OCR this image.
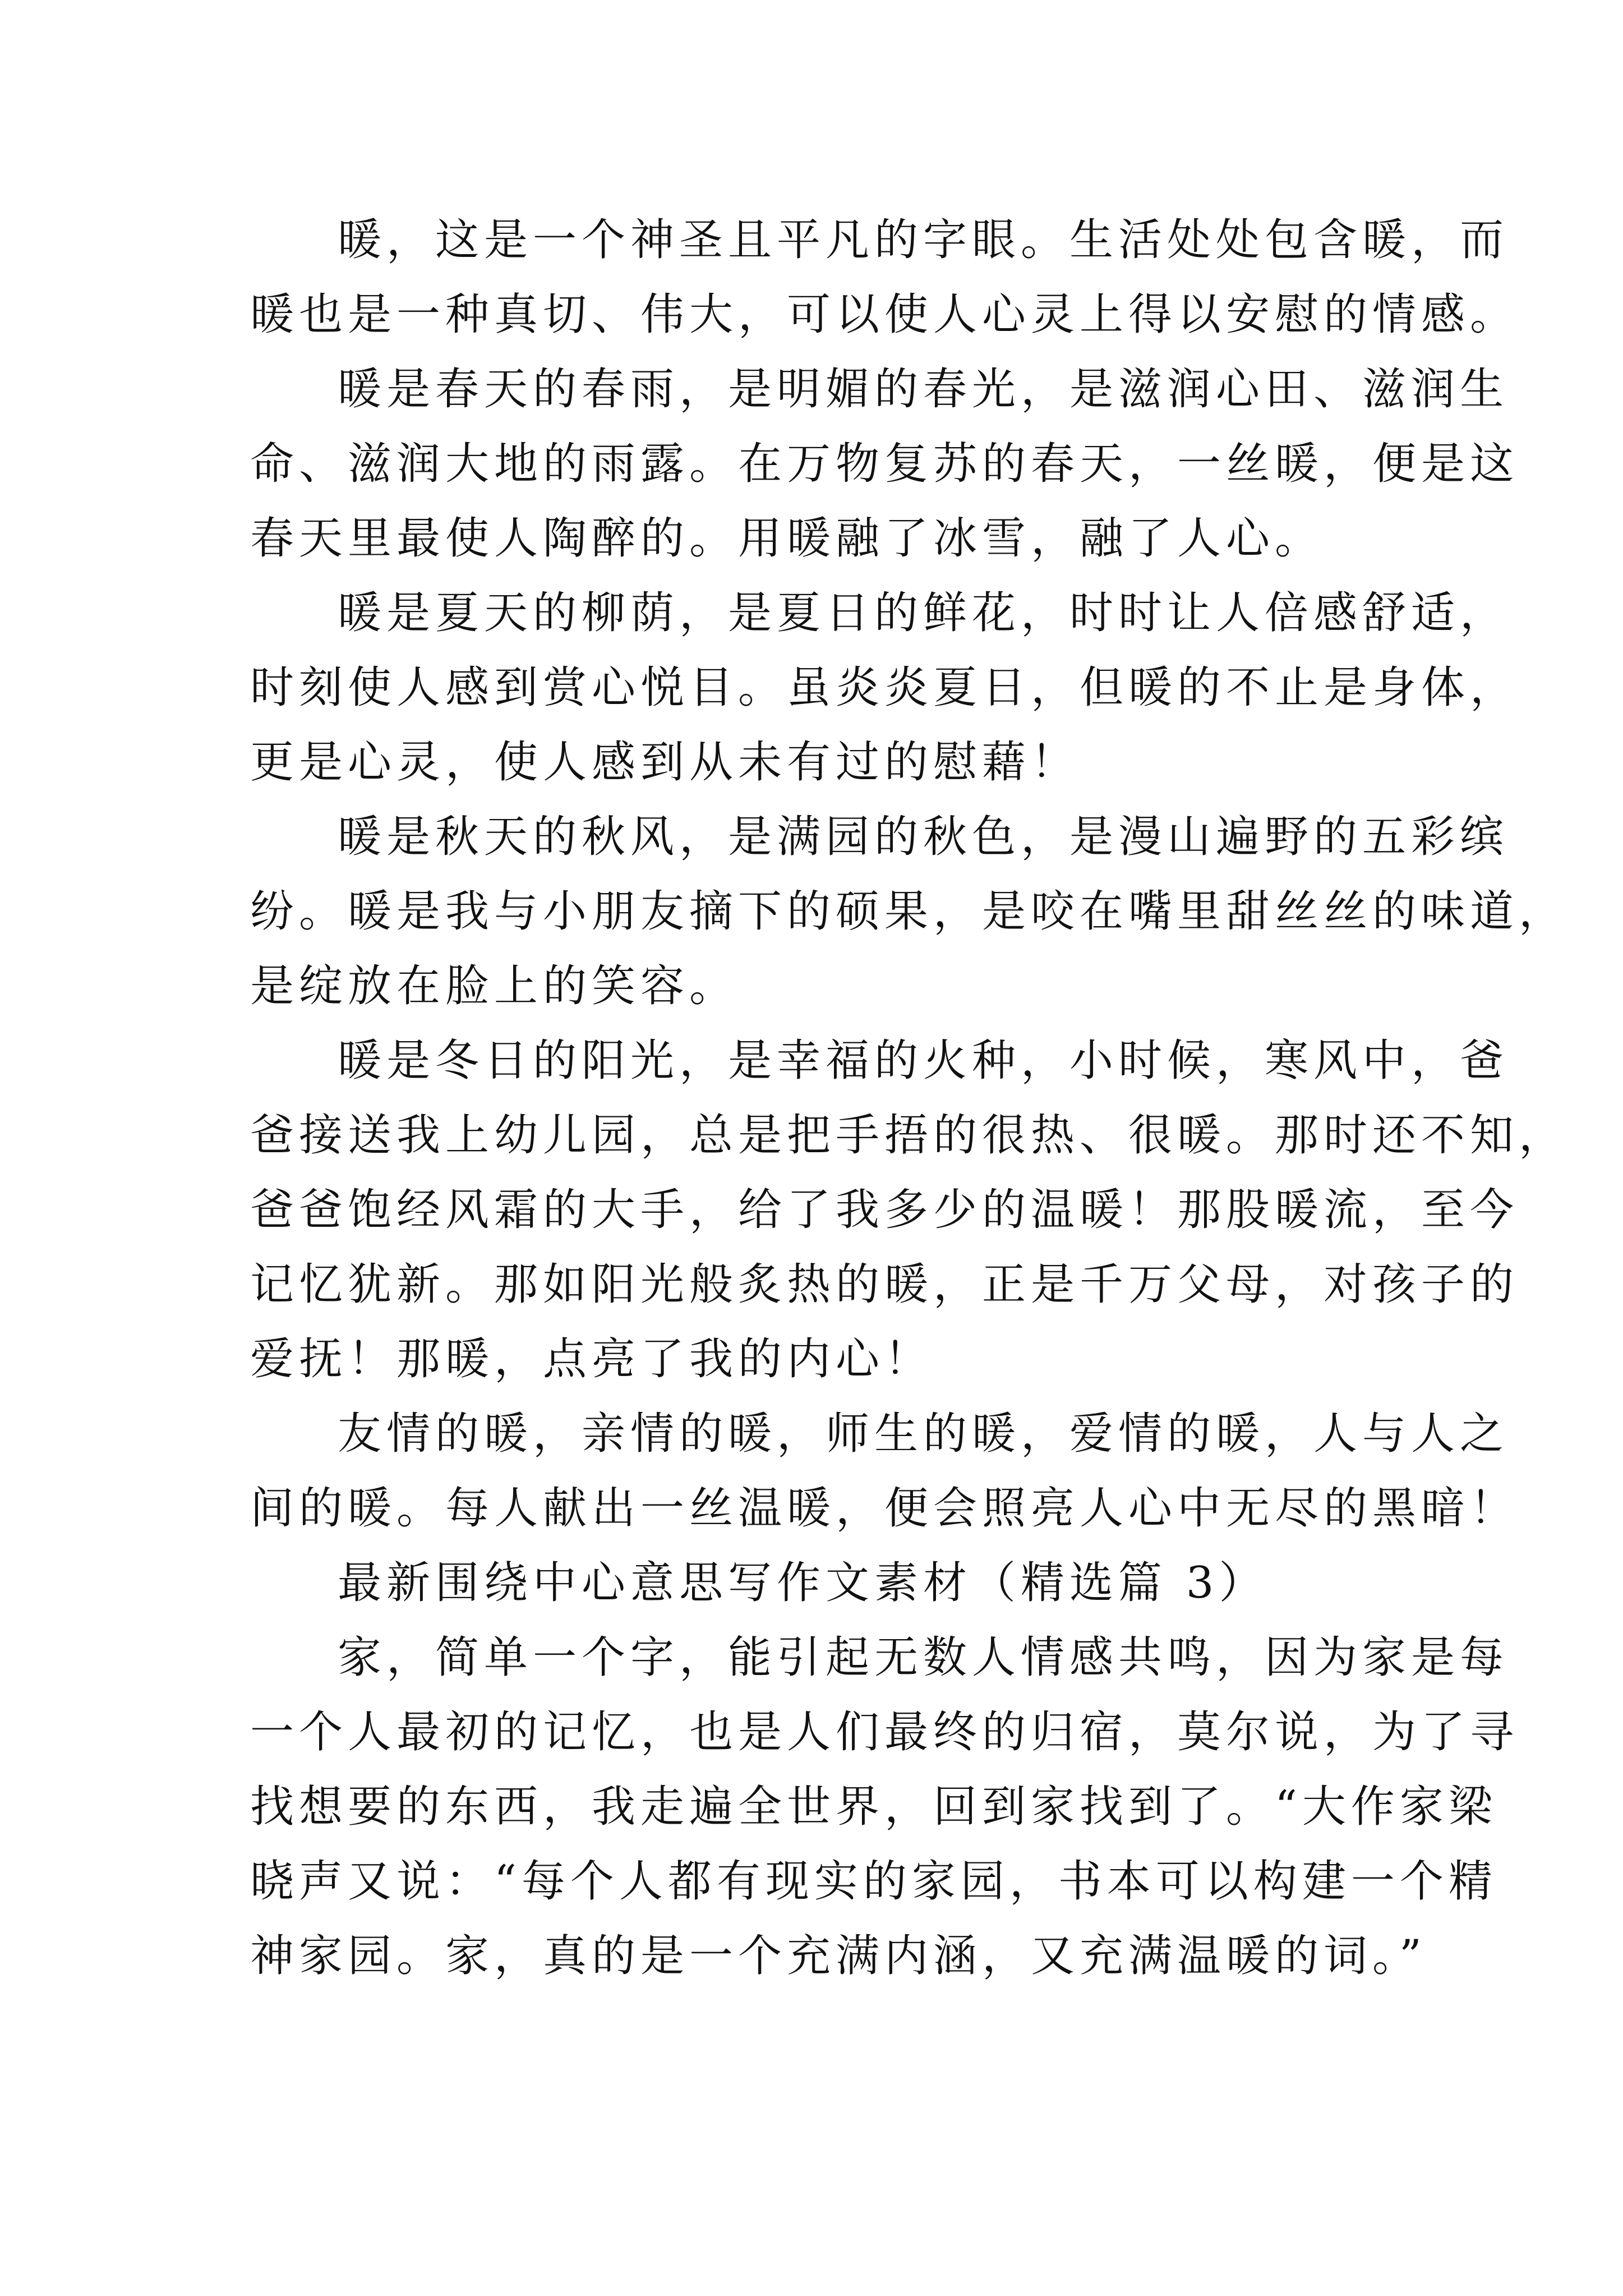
暖，这是一个神圣且平凡的字眼。生活处处包含暖，而
暖也是一种真切、伟大，可以使人心灵上得以安慰的情感。
暖是春天的春雨，是明媚的春光，是滋润心田、滋润生
命、滋润大地的雨露。在万物复苏的春天，一丝暖，便是这
春天里最使人陶醉的。用暖融了冰雪，融了人心。
暖是夏天的柳荫，是夏日的鲜花，时时让人倍感舒适，
时刻使人感到赏心悦目。虽炎炎夏日，但暖的不止是身体，
更是心灵，使人感到从未有过的慰藉！
暖是秋天的秋风，是满园的秋色，是漫山遍野的五彩缤
纷。暖是我与小朋友摘下的硕果，是咬在嘴里甜丝丝的味道，
是绽放在脸上的笑容。
暖是冬日的阳光，是幸福的火种，小时候，寒风中，爸
爸接送我上幼儿园，总是把手捂的很热、很暖。那时还不知，
爸爸饱经风霜的大手，给了我多少的温暖！那股暖流，至今
记忆犹新。那如阳光般炙热的暖，正是千万父母，对孩子的
爱抚！那暖，点亮了我的内心！
友情的暖，亲情的暖，师生的暖，爱情的暖，人与人之
间的暖。每人献出一丝温暖，便会照亮人心中无尽的黑暗！
最新围绕中心意思写作文素材（精选篇 3）
家，简单一个字，能引起无数人情感共鸣，因为家是每
一个人最初的记忆，也是人们最终的归宿，莫尔说，为了寻
找想要的东西，我走遍全世界，回到家找到了。“大作家梁
晓声又说：“每个人都有现实的家园，书本可以构建一个精
神家园。家，真的是一个充满内涵，又充满温暖的词。”
